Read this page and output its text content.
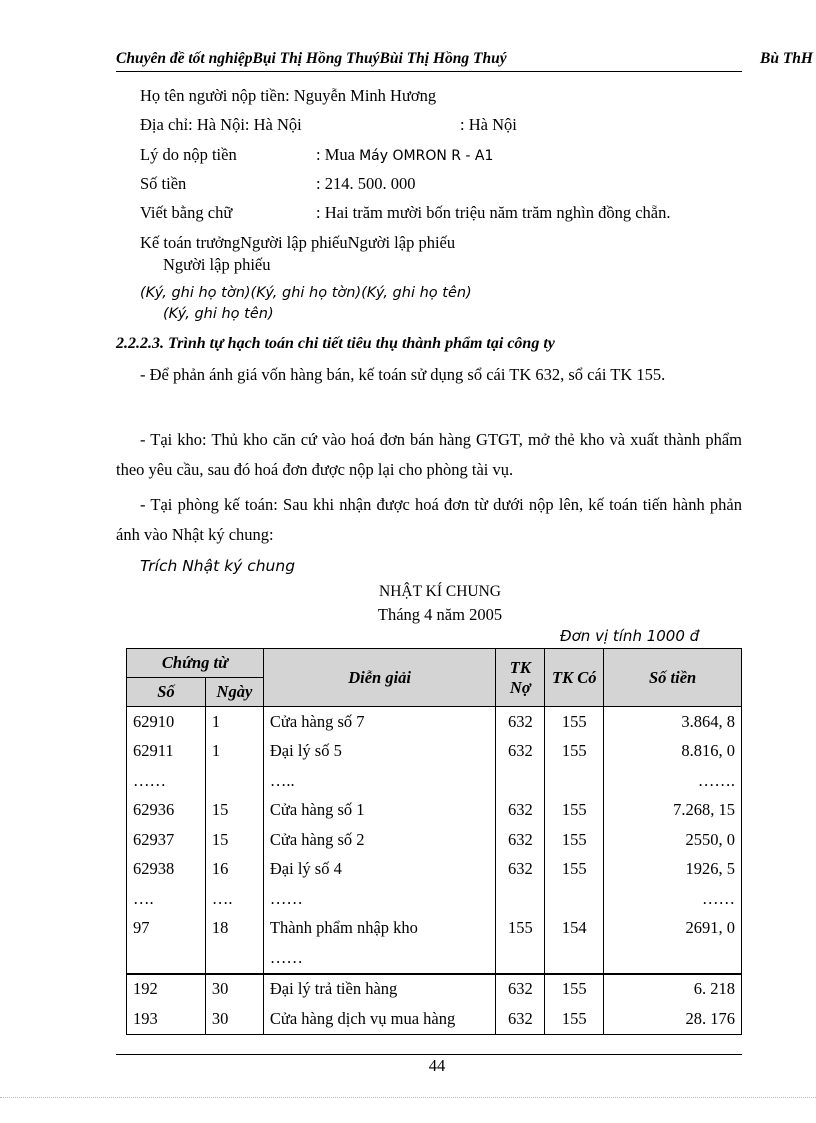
Chuyên đề tốt nghiệpBụi Thị Hồng ThuýBùi Thị Hồng Thuý	Bù ThH
Họ tên người nộp tiền: Nguyễn Minh Hương
Địa chỉ: Hà Nội: Hà Nội	: Hà Nội
Lý do nộp tiền	: Mua Máy OMRON R - A1
Số tiền	: 214. 500. 000
Viết bằng chữ	: Hai trăm mười bốn triệu năm trăm nghìn đồng chẵn.
Kế toán trưởngNgười lập phiếuNgười lập phiếu
Người lập phiếu
(Ký, ghi họ tờn)(Ký, ghi họ tờn)(Ký, ghi họ tên)
(Ký, ghi họ tên)
2.2.2.3. Trình tự hạch toán chi tiết tiêu thụ thành phẩm tại công ty
- Để phản ánh giá vốn hàng bán, kế toán sử dụng sổ cái TK 632, sổ cái TK 155.
- Tại kho: Thủ kho căn cứ vào hoá đơn bán hàng GTGT, mở thẻ kho và xuất thành phẩm theo yêu cầu, sau đó hoá đơn được nộp lại cho phòng tài vụ.
- Tại phòng kế toán: Sau khi nhận được hoá đơn từ dưới nộp lên, kế toán tiến hành phản ánh vào Nhật ký chung:
Trích Nhật ký chung
NHẬT KÍ CHUNG
Tháng 4 năm 2005
Đơn vị tính 1000 đ
Chứng từ		Diễn giải	TK Nợ	TK Có	Số tiền
Số	Ngày				
62910	1	Cửa hàng số 7	632	155	3.864, 8
62911	1	Đại lý số 5	632	155	8.816, 0
……		…..			…….
62936	15	Cửa hàng số 1	632	155	7.268, 15
62937	15	Cửa hàng số 2	632	155	2550, 0
62938	16	Đại lý số 4	632	155	1926, 5
….	….	……			……
97	18	Thành phẩm nhập kho	155	154	2691, 0
		……			
192	30	Đại lý trả tiền hàng	632	155	6. 218
193	30	Cửa hàng dịch vụ mua hàng	632	155	28. 176
44
